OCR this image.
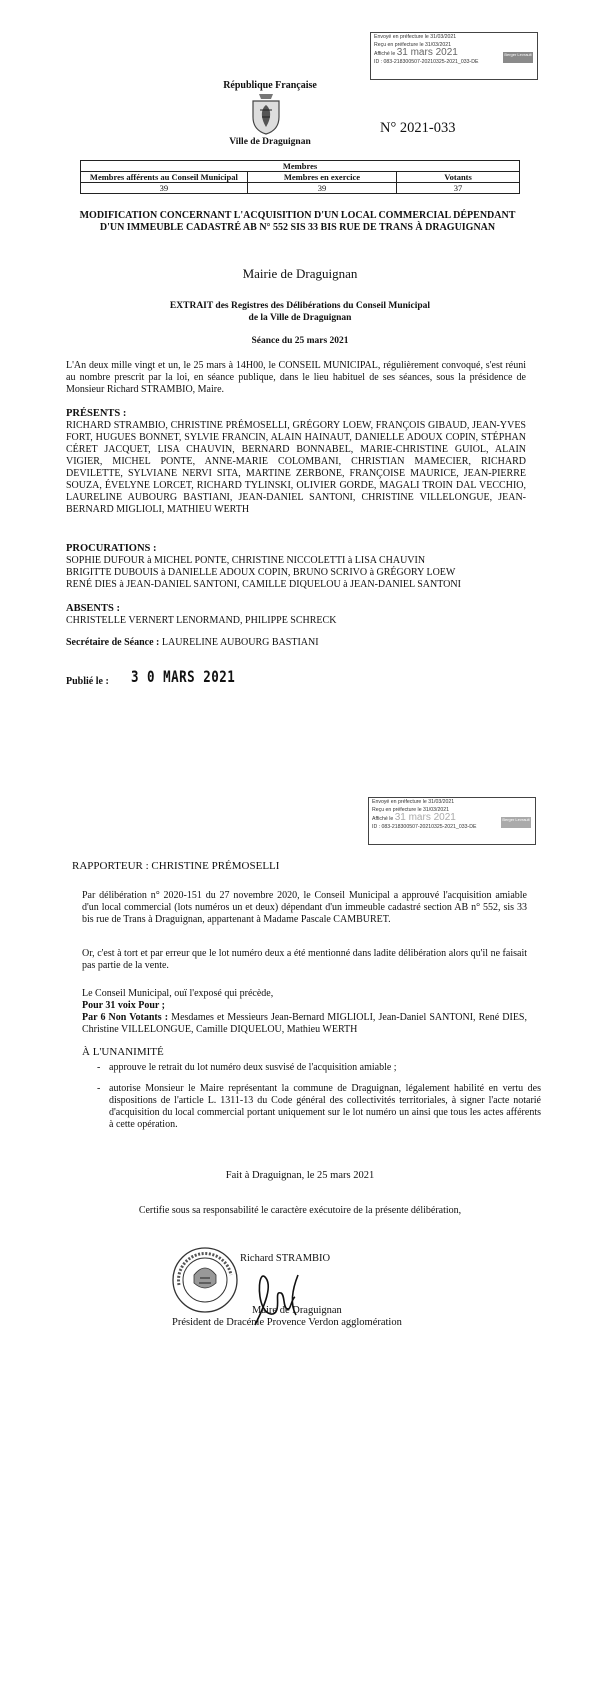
Envoyé en préfecture le 31/03/2021
Reçu en préfecture le 31/03/2021
Affiché le 31 mars 2021
ID : 083-218300507-20210325-2021_033-DE
Berger Levrault
République Française
Ville de Draguignan
N° 2021-033
Membres		
Membres afférents au Conseil Municipal	Membres en exercice	Votants
39	39	37
MODIFICATION CONCERNANT L'ACQUISITION D'UN LOCAL COMMERCIAL DÉPENDANT D'UN IMMEUBLE CADASTRÉ AB N° 552 SIS 33 BIS RUE DE TRANS À DRAGUIGNAN
Mairie de Draguignan
EXTRAIT des Registres des Délibérations du Conseil Municipal
de la Ville de Draguignan
Séance du 25 mars 2021
L'An deux mille vingt et un, le 25 mars à 14H00, le CONSEIL MUNICIPAL, régulièrement convoqué, s'est réuni au nombre prescrit par la loi, en séance publique, dans le lieu habituel de ses séances, sous la présidence de Monsieur Richard STRAMBIO, Maire.
PRÉSENTS :
RICHARD STRAMBIO, CHRISTINE PRÉMOSELLI, GRÉGORY LOEW, FRANÇOIS GIBAUD, JEAN-YVES FORT, HUGUES BONNET, SYLVIE FRANCIN, ALAIN HAINAUT, DANIELLE ADOUX COPIN, STÉPHAN CÉRET JACQUET, LISA CHAUVIN, BERNARD BONNABEL, MARIE-CHRISTINE GUIOL, ALAIN VIGIER, MICHEL PONTE, ANNE-MARIE COLOMBANI, CHRISTIAN MAMECIER, RICHARD DEVILETTE, SYLVIANE NERVI SITA, MARTINE ZERBONE, FRANÇOISE MAURICE, JEAN-PIERRE SOUZA, ÉVELYNE LORCET, RICHARD TYLINSKI, OLIVIER GORDE, MAGALI TROIN DAL VECCHIO, LAURELINE AUBOURG BASTIANI, JEAN-DANIEL SANTONI, CHRISTINE VILLELONGUE, JEAN-BERNARD MIGLIOLI, MATHIEU WERTH
PROCURATIONS :
SOPHIE DUFOUR à MICHEL PONTE, CHRISTINE NICCOLETTI à LISA CHAUVIN
BRIGITTE DUBOUIS à DANIELLE ADOUX COPIN, BRUNO SCRIVO à GRÉGORY LOEW
RENÉ DIES à JEAN-DANIEL SANTONI, CAMILLE DIQUELOU à JEAN-DANIEL SANTONI
ABSENTS :
CHRISTELLE VERNERT LENORMAND, PHILIPPE SCHRECK
Secrétaire de Séance : LAURELINE AUBOURG BASTIANI
Publié le : 3 0 MARS 2021
Envoyé en préfecture le 31/03/2021
Reçu en préfecture le 31/03/2021
Affiché le 31 mars 2021
ID : 083-218300507-20210325-2021_033-DE
Berger Levrault
RAPPORTEUR : CHRISTINE PRÉMOSELLI
Par délibération n° 2020-151 du 27 novembre 2020, le Conseil Municipal a approuvé l'acquisition amiable d'un local commercial (lots numéros un et deux) dépendant d'un immeuble cadastré section AB n° 552, sis 33 bis rue de Trans à Draguignan, appartenant à Madame Pascale CAMBURET.
Or, c'est à tort et par erreur que le lot numéro deux a été mentionné dans ladite délibération alors qu'il ne faisait pas partie de la vente.
Le Conseil Municipal, ouï l'exposé qui précède,
Pour 31 voix Pour ;
Par 6 Non Votants : Mesdames et Messieurs Jean-Bernard MIGLIOLI, Jean-Daniel SANTONI, René DIES, Christine VILLELONGUE, Camille DIQUELOU, Mathieu WERTH
À L'UNANIMITÉ
- approuve le retrait du lot numéro deux susvisé de l'acquisition amiable ;
- autorise Monsieur le Maire représentant la commune de Draguignan, légalement habilité en vertu des dispositions de l'article L. 1311-13 du Code général des collectivités territoriales, à signer l'acte notarié d'acquisition du local commercial portant uniquement sur le lot numéro un ainsi que tous les actes afférents à cette opération.
Fait à Draguignan, le 25 mars 2021
Certifie sous sa responsabilité le caractère exécutoire de la présente délibération,
Richard STRAMBIO
Maire de Draguignan
Président de Dracénie Provence Verdon agglomération
